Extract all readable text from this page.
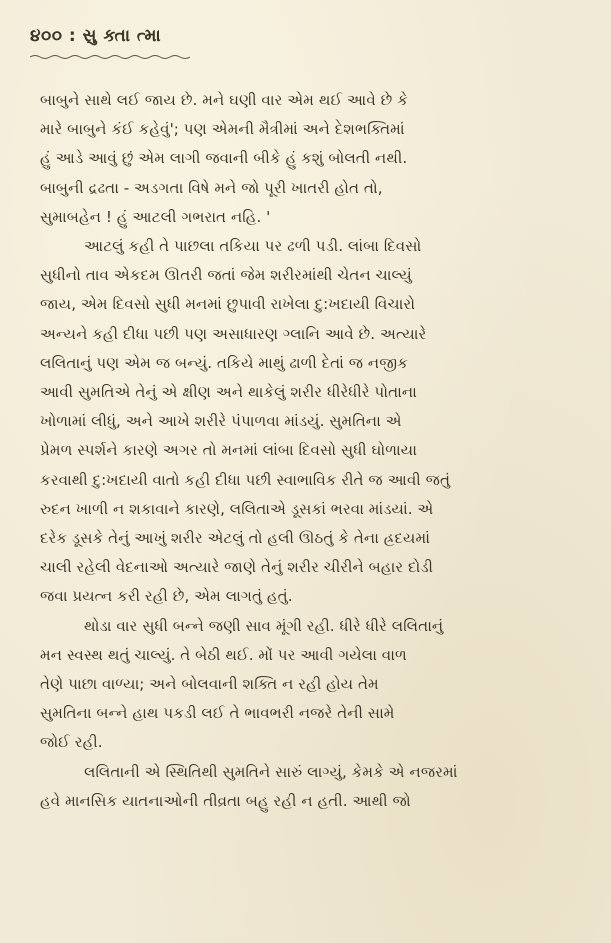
૪૦૦ : સુ ક્તા ત્મા
બાબુને સાથે લઈ જાય છે. મને ઘણી વાર એમ થઈ આવે છે કે
મારે બાબુને કંઈ કહેવું'; પણ એમની મૈત્રીમાં અને દેશભક્તિમાં
હું આડે આવું છું એમ લાગી જવાની બીકે હું કશું બોલતી નથી.
બાબુની દ્રઢતા - અડગતા વિષે મને જો પૂરી ખાતરી હોત તો,
સુમાબહેન ! હું આટલી ગભરાત નહિ. '
આટલું કહી તે પાછલા તકિયા પર ઢળી પડી. લાંબા દિવસો
સુધીનો તાવ એકદમ ઊતરી જતાં જેમ શરીરમાંથી ચેતન ચાલ્યું
જાય, એમ દિવસો સુધી મનમાં છુપાવી રાખેલા દુ:ખદાયી વિચારો
અન્યને કહી દીધા પછી પણ અસાધારણ ગ્લાનિ આવે છે. અત્યારે
લલિતાનું પણ એમ જ બન્યું. તકિયે માથું ઢાળી દેતાં જ નજીક
આવી સુમતિએ તેનું એ ક્ષીણ અને થાકેલું શરીર ધીરેધીરે પોતાના
ખોળામાં લીધું, અને આખે શરીરે પંપાળવા માંડયું. સુમતિના એ
પ્રેમળ સ્પર્શને કારણે અગર તો મનમાં લાંબા દિવસો સુધી ઘોળાયા
કરવાથી દુ:ખદાયી વાતો કહી દીધા પછી સ્વાભાવિક રીતે જ આવી જતું
રુદન ખાળી ન શકાવાને કારણે, લલિતાએ ડૂસકાં ભરવા માંડયાં. એ
દરેક ડૂસકે તેનું આખું શરીર એટલું તો હલી ઊઠતું કે તેના હ્રદયમાં
ચાલી રહેલી વેદનાઓ અત્યારે જાણે તેનું શરીર ચીરીને બહાર દોડી
જવા પ્રયત્ન કરી રહી છે, એમ લાગતું હતું.
થોડા વાર સુધી બન્ને જણી સાવ મૂંગી રહી. ધીરે ધીરે લલિતાનું
મન સ્વસ્થ થતું ચાલ્યું. તે બેઠી થઈ. મોં પર આવી ગયેલા વાળ
તેણે પાછા વાળ્યા; અને બોલવાની શક્તિ ન રહી હોય તેમ
સુમતિના બન્ને હાથ પકડી લઈ તે ભાવભરી નજરે તેની સામે
જોઈ રહી.
લલિતાની એ સ્થિતિથી સુમતિને સારું લાગ્યું, કેમકે એ નજરમાં
હવે માનસિક યાતનાઓની તીવ્રતા બહુ રહી ન હતી. આથી જો
